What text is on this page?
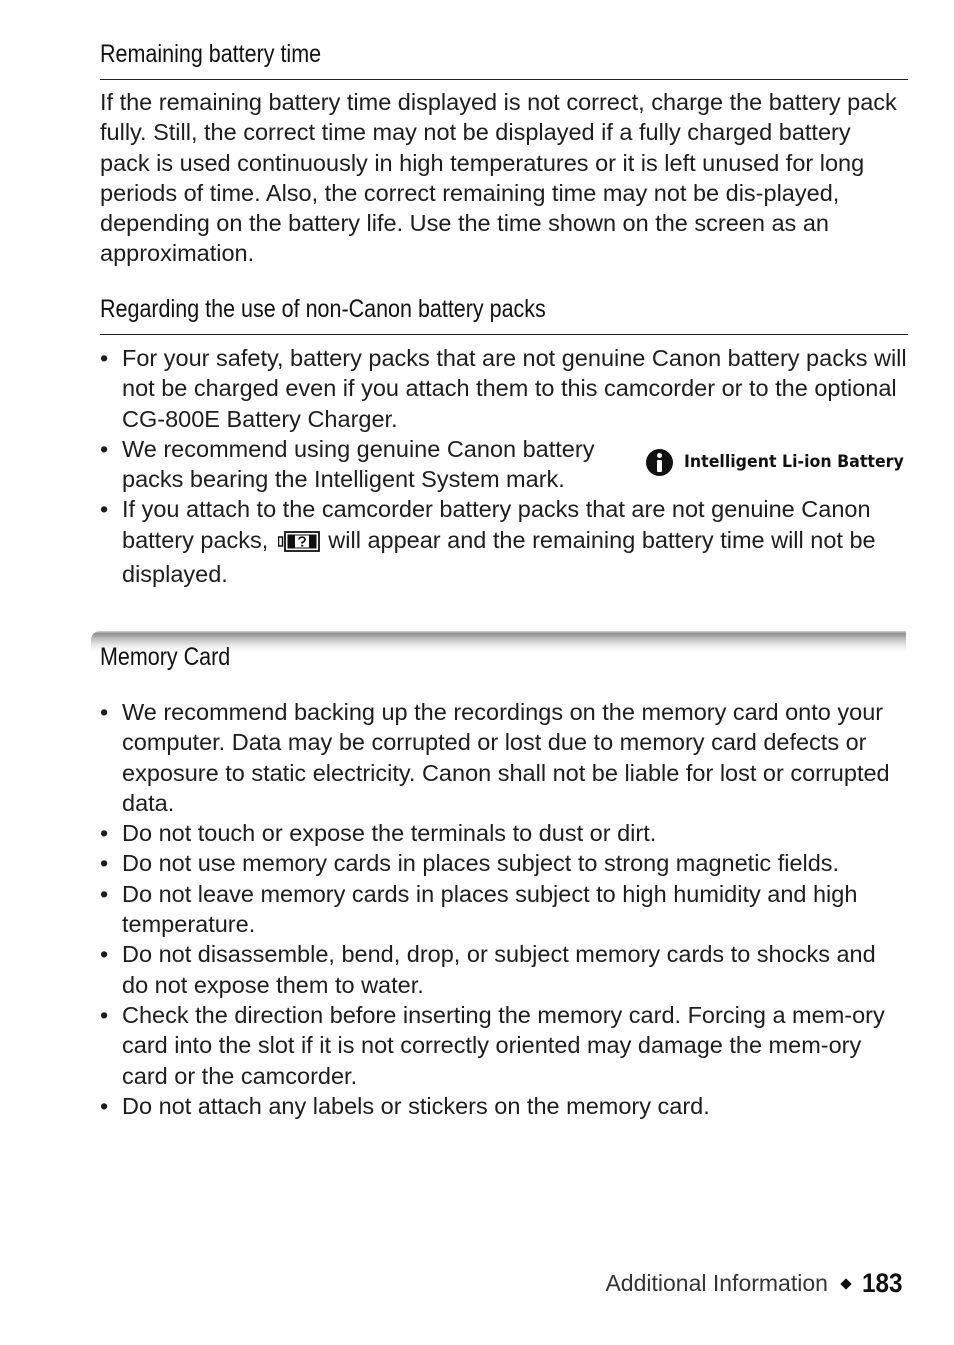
Remaining battery time

If the remaining battery time displayed is not correct, charge the battery pack fully. Still, the correct time may not be displayed if a fully charged battery pack is used continuously in high temperatures or it is left unused for long periods of time. Also, the correct remaining time may not be dis-played, depending on the battery life. Use the time shown on the screen as an approximation.

Regarding the use of non-Canon battery packs
• For your safety, battery packs that are not genuine Canon battery packs will not be charged even if you attach them to this camcorder or to the optional CG-800E Battery Charger.
• We recommend using genuine Canon battery packs bearing the Intelligent System mark.
• If you attach to the camcorder battery packs that are not genuine Canon battery packs,	will appear and the remaining battery time will not be displayed.
Intelligent Li-ion Battery
Memory Card
• We recommend backing up the recordings on the memory card onto your computer. Data may be corrupted or lost due to memory card defects or exposure to static electricity. Canon shall not be liable for lost or corrupted data.
• Do not touch or expose the terminals to dust or dirt.
• Do not use memory cards in places subject to strong magnetic fields.
• Do not leave memory cards in places subject to high humidity and high temperature.
• Do not disassemble, bend, drop, or subject memory cards to shocks and do not expose them to water.
• Check the direction before inserting the memory card. Forcing a mem-ory card into the slot if it is not correctly oriented may damage the mem-ory card or the camcorder.
• Do not attach any labels or stickers on the memory card.
Additional Information 183
